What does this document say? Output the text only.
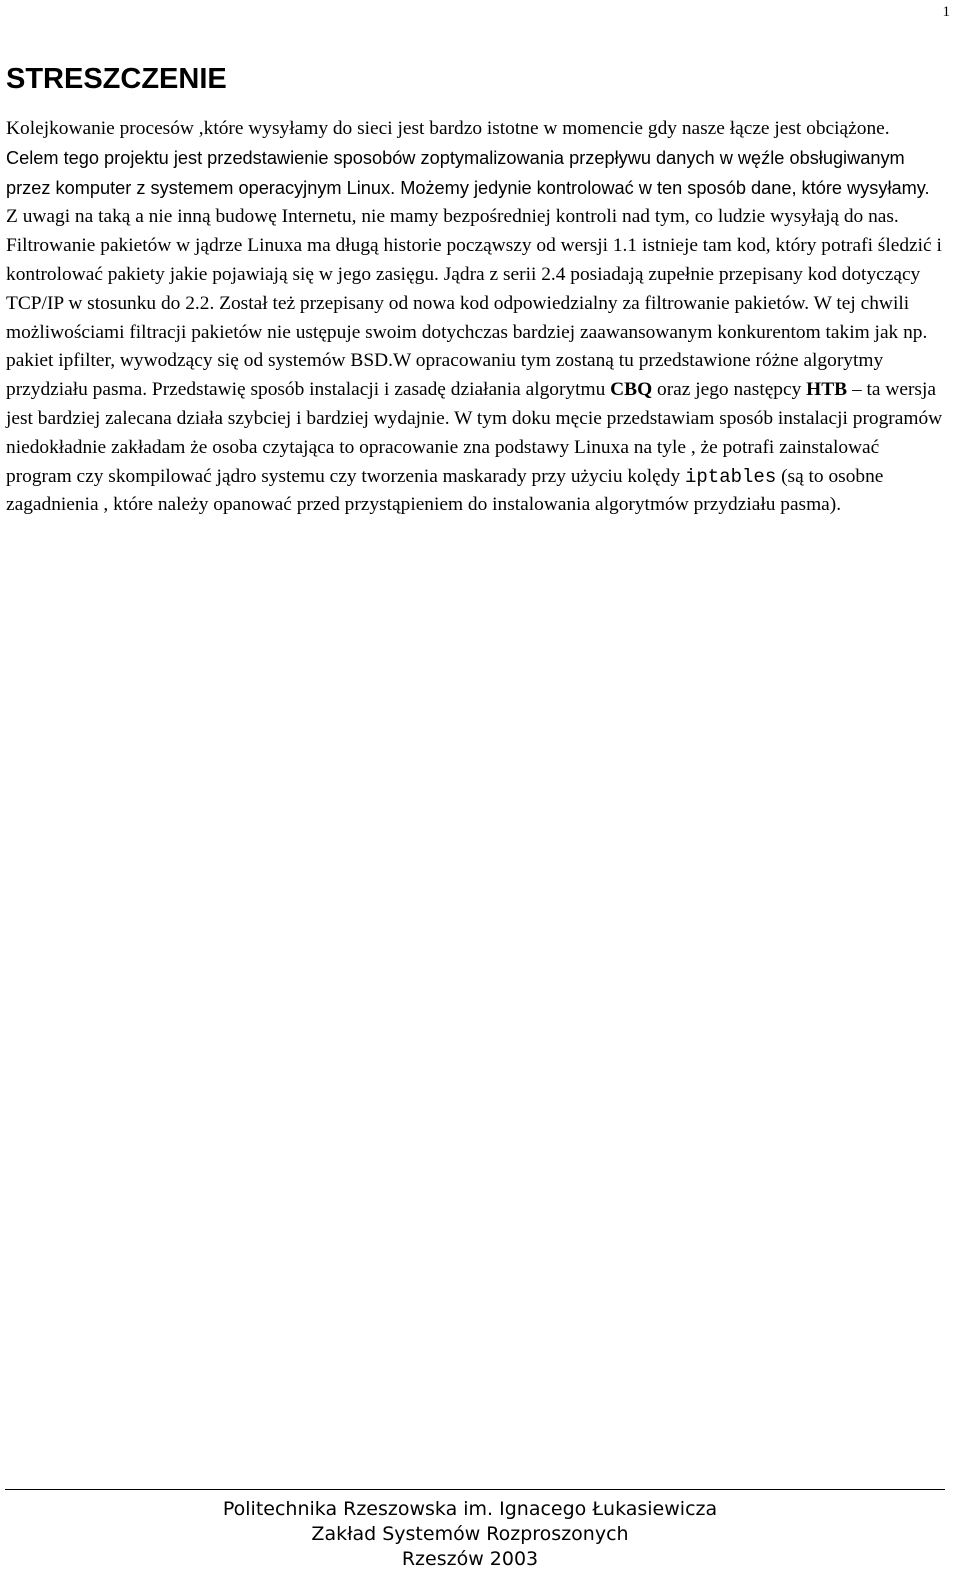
1
STRESZCZENIE

Kolejkowanie procesów ,które wysyłamy do sieci jest bardzo istotne w momencie gdy nasze łącze jest obciążone. Celem tego projektu jest przedstawienie sposobów zoptymalizowania przepływu danych w węźle obsługiwanym przez komputer z systemem operacyjnym Linux. Możemy jedynie kontrolować w ten sposób dane, które wysyłamy. Z uwagi na taką a nie inną budowę Internetu, nie mamy bezpośredniej kontroli nad tym, co ludzie wysyłają do nas. Filtrowanie pakietów w jądrze Linuxa ma długą historie począwszy od wersji 1.1 istnieje tam kod, który potrafi śledzić i kontrolować pakiety jakie pojawiają się w jego zasięgu. Jądra z serii 2.4 posiadają zupełnie przepisany kod dotyczący TCP/IP w stosunku do 2.2. Został też przepisany od nowa kod odpowiedzialny za filtrowanie pakietów. W tej chwili możliwościami filtracji pakietów nie ustępuje swoim dotychczas bardziej zaawansowanym konkurentom takim jak np. pakiet ipfilter, wywodzący się od systemów BSD.W opracowaniu tym zostaną tu przedstawione różne algorytmy przydziału pasma. Przedstawię sposób instalacji i zasadę działania algorytmu CBQ oraz jego następcy HTB – ta wersja jest bardziej zalecana działa szybciej i bardziej wydajnie. W tym doku męcie przedstawiam sposób instalacji programów niedokładnie zakładam że osoba czytająca to opracowanie zna podstawy Linuxa na tyle , że potrafi zainstalować program czy skompilować jądro systemu czy tworzenia maskarady przy użyciu kolędy iptables (są to osobne zagadnienia , które należy opanować przed przystąpieniem do instalowania algorytmów przydziału pasma).

Politechnika Rzeszowska im. Ignacego Łukasiewicza
Zakład Systemów Rozproszonych
Rzeszów 2003
